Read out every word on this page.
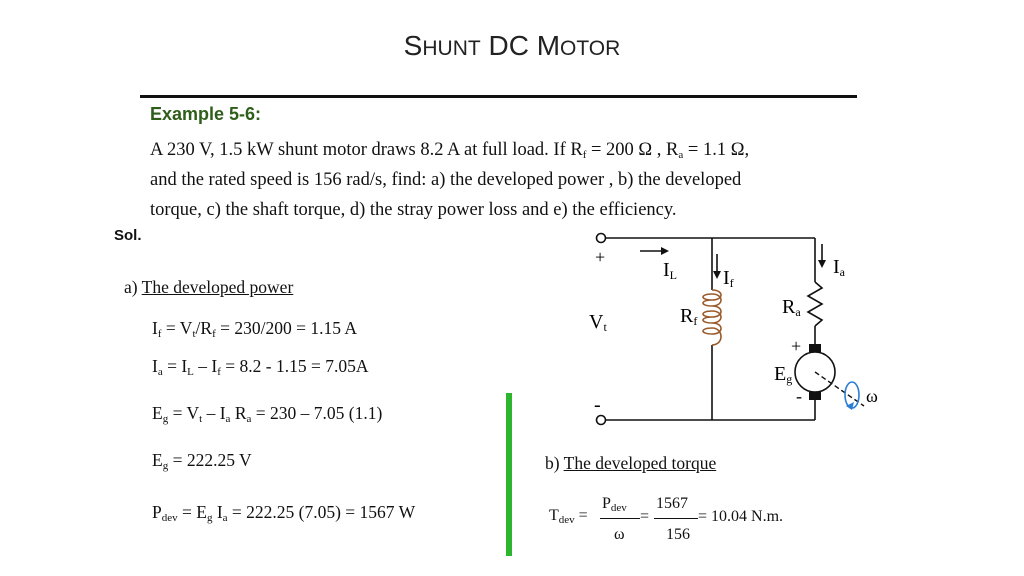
SHUNT DC MOTOR
Example 5-6:
A 230 V, 1.5 kW shunt motor draws 8.2 A at full load. If $R_f = 200$ Ω , $R_a = 1.1$ Ω,
and the rated speed is 156 rad/s, find: a) the developed power , b) the developed
torque, c) the shaft torque, d) the stray power loss and e) the efficiency.
Sol.
a) The developed power
$I_f = V_t/R_f = 230/200 = 1.15$ A
$I_a = I_L - I_f = 8.2 - 1.15 = 7.05A$
$E_g = V_t - I_a$ $R_a = 230 - 7.05$ (1.1)
$E_g = 222.25$ V
$P_{dev} = E_g$ $I_a = 222.25$ (7.05) = 1567 W
b) The developed torque
$T_{dev}$ =
$P_{dev}$
ω
=
1567
156
= 10.04 N.m.
+
IL If
Ia
Vt	Rf
Ra
+
Eg
-
-	ω
